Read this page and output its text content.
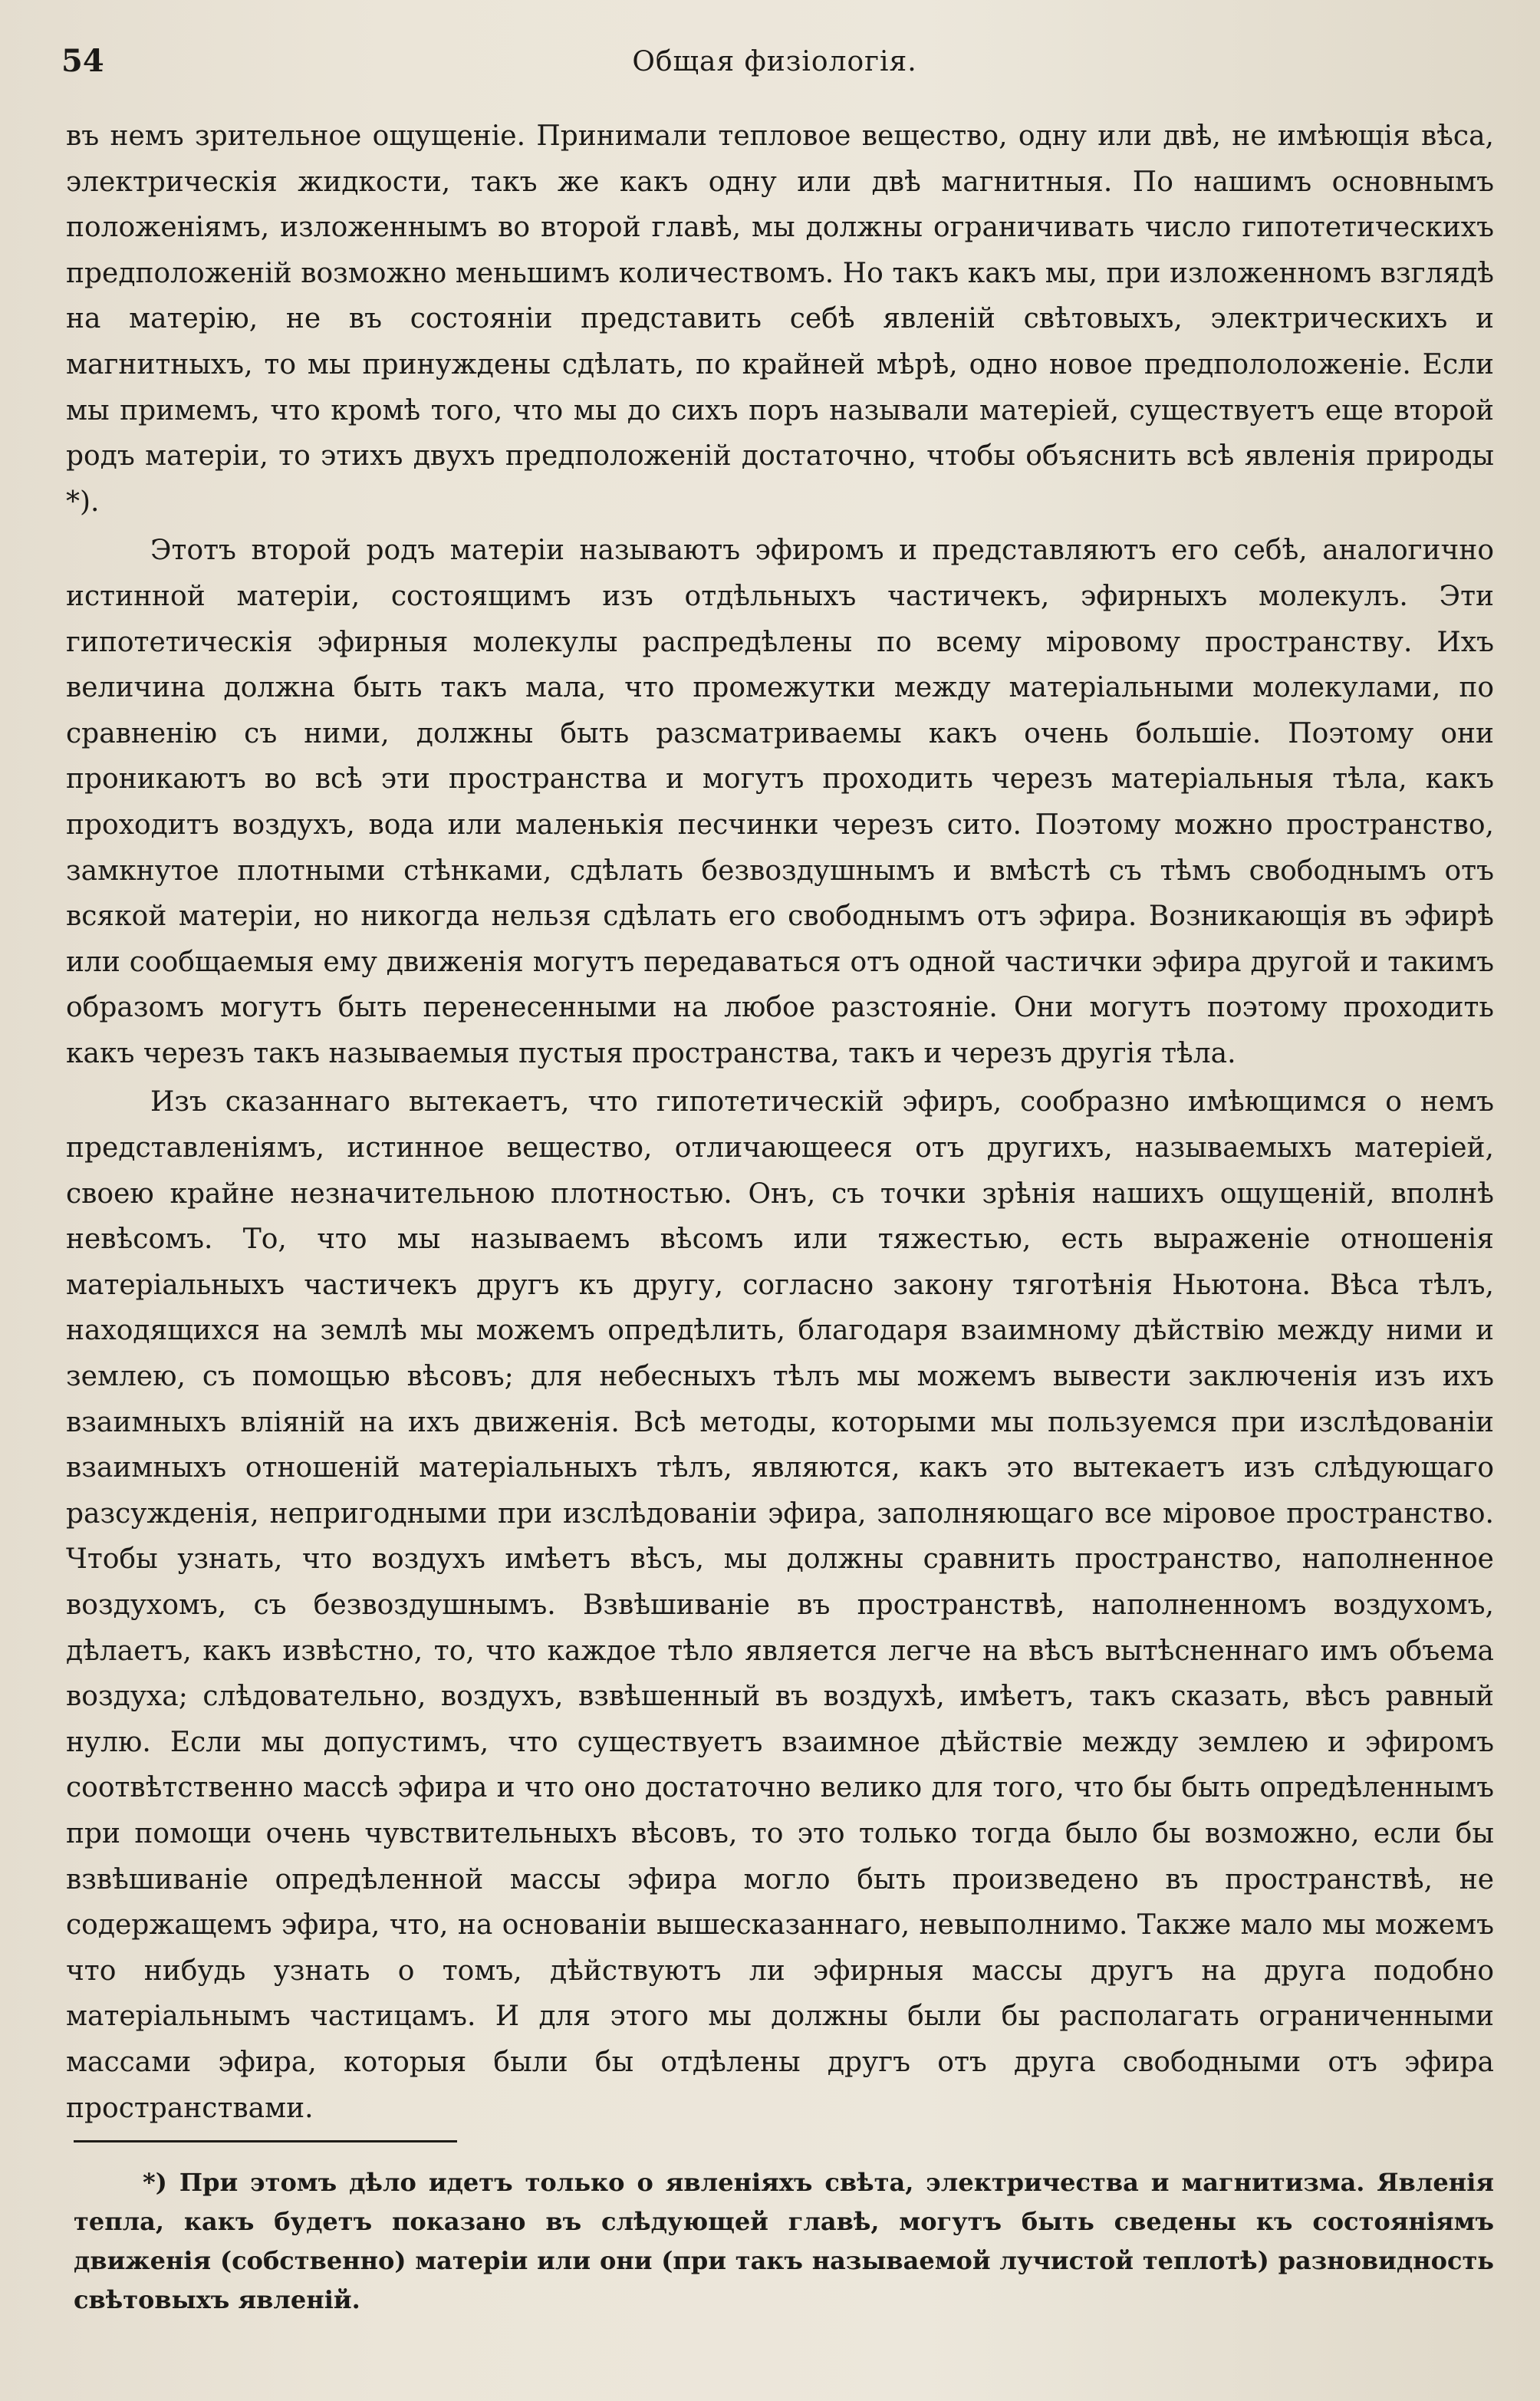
54	Общая физіологія.

въ немъ зрительное ощущеніе. Принимали тепловое вещество, одну или двѣ, не имѣющія вѣса, электрическія жидкости, такъ же какъ одну или двѣ магнитныя. По нашимъ основнымъ положеніямъ, изложеннымъ во второй главѣ, мы должны ограничивать число гипотетическихъ предположеній возможно меньшимъ количествомъ. Но такъ какъ мы, при изложенномъ взглядѣ на матерію, не въ состояніи представить себѣ явленій свѣтовыхъ, электрическихъ и магнитныхъ, то мы принуждены сдѣлать, по крайней мѣрѣ, одно новое предпололоженіе. Если мы примемъ, что кромѣ того, что мы до сихъ поръ называли матеріей, существуетъ еще второй родъ матеріи, то этихъ двухъ предположеній достаточно, чтобы объяснить всѣ явленія природы *).

Этотъ второй родъ матеріи называютъ эфиромъ и представляютъ его себѣ, аналогично истинной матеріи, состоящимъ изъ отдѣльныхъ частичекъ, эфирныхъ молекулъ. Эти гипотетическія эфирныя молекулы распредѣлены по всему міровому пространству. Ихъ величина должна быть такъ мала, что промежутки между матеріальными молекулами, по сравненію съ ними, должны быть разсматриваемы какъ очень большіе. Поэтому они проникаютъ во всѣ эти пространства и могутъ проходить черезъ матеріальныя тѣла, какъ проходитъ воздухъ, вода или маленькія песчинки черезъ сито. Поэтому можно пространство, замкнутое плотными стѣнками, сдѣлать безвоздушнымъ и вмѣстѣ съ тѣмъ свободнымъ отъ всякой матеріи, но никогда нельзя сдѣлать его свободнымъ отъ эфира. Возникающія въ эфирѣ или сообщаемыя ему движенія могутъ передаваться отъ одной частички эфира другой и такимъ образомъ могутъ быть перенесенными на любое разстояніе. Они могутъ поэтому проходить какъ черезъ такъ называемыя пустыя пространства, такъ и черезъ другія тѣла.

Изъ сказаннаго вытекаетъ, что гипотетическій эфиръ, сообразно имѣющимся о немъ представленіямъ, истинное вещество, отличающееся отъ другихъ, называемыхъ матеріей, своею крайне незначительною плотностью. Онъ, съ точки зрѣнія нашихъ ощущеній, вполнѣ невѣсомъ. То, что мы называемъ вѣсомъ или тяжестью, есть выраженіе отношенія матеріальныхъ частичекъ другъ къ другу, согласно закону тяготѣнія Ньютона. Вѣса тѣлъ, находящихся на землѣ мы можемъ опредѣлить, благодаря взаимному дѣйствію между ними и землею, съ помощью вѣсовъ; для небесныхъ тѣлъ мы можемъ вывести заключенія изъ ихъ взаимныхъ вліяній на ихъ движенія. Всѣ методы, которыми мы пользуемся при изслѣдованіи взаимныхъ отношеній матеріальныхъ тѣлъ, являются, какъ это вытекаетъ изъ слѣдующаго разсужденія, непригодными при изслѣдованіи эфира, заполняющаго все міровое пространство. Чтобы узнать, что воздухъ имѣетъ вѣсъ, мы должны сравнить пространство, наполненное воздухомъ, съ безвоздушнымъ. Взвѣшиваніе въ пространствѣ, наполненномъ воздухомъ, дѣлаетъ, какъ извѣстно, то, что каждое тѣло является легче на вѣсъ вытѣсненнаго имъ объема воздуха; слѣдовательно, воздухъ, взвѣшенный въ воздухѣ, имѣетъ, такъ сказать, вѣсъ равный нулю. Если мы допустимъ, что существуетъ взаимное дѣйствіе между землею и эфиромъ соотвѣтственно массѣ эфира и что оно достаточно велико для того, что бы быть опредѣленнымъ при помощи очень чувствительныхъ вѣсовъ, то это только тогда было бы возможно, если бы взвѣшиваніе опредѣленной массы эфира могло быть произведено въ пространствѣ, не содержащемъ эфира, что, на основаніи вышесказаннаго, невыполнимо. Также мало мы можемъ что нибудь узнать о томъ, дѣйствуютъ ли эфирныя массы другъ на друга подобно матеріальнымъ частицамъ. И для этого мы должны были бы располагать ограниченными массами эфира, которыя были бы отдѣлены другъ отъ друга свободными отъ эфира пространствами.

*) При этомъ дѣло идетъ только о явленіяхъ свѣта, электричества и магнитизма. Явленія тепла, какъ будетъ показано въ слѣдующей главѣ, могутъ быть сведены къ состояніямъ движенія (собственно) матеріи или они (при такъ называемой лучистой теплотѣ) разновидность свѣтовыхъ явленій.
